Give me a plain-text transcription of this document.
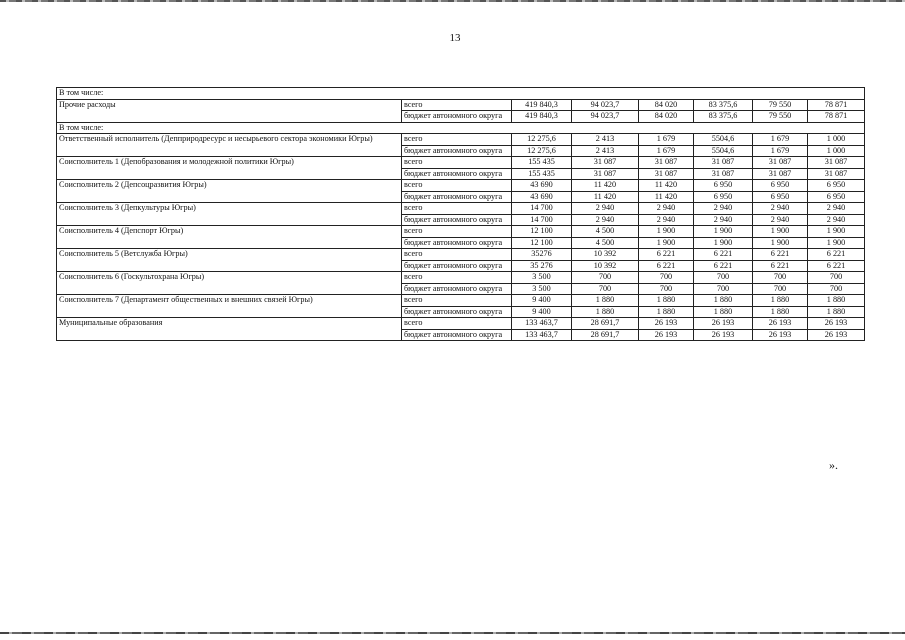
13
В том числе:							
Прочие расходы	всего	419 840,3	94 023,7	84 020	83 375,6	79 550	78 871
	бюджет автономного округа	419 840,3	94 023,7	84 020	83 375,6	79 550	78 871
В том числе:							
Ответственный исполнитель (Депприродресурс и несырьевого сектора экономики Югры)	всего	12 275,6	2 413	1 679	5504,6	1 679	1 000
	бюджет автономного округа	12 275,6	2 413	1 679	5504,6	1 679	1 000
Соисполнитель 1 (Депобразования и молодежной политики Югры)	всего	155 435	31 087	31 087	31 087	31 087	31 087
	бюджет автономного округа	155 435	31 087	31 087	31 087	31 087	31 087
Соисполнитель 2 (Депсоцразвития Югры)	всего	43 690	11 420	11 420	6 950	6 950	6 950
	бюджет автономного округа	43 690	11 420	11 420	6 950	6 950	6 950
Соисполнитель 3 (Депкультуры Югры)	всего	14 700	2 940	2 940	2 940	2 940	2 940
	бюджет автономного округа	14 700	2 940	2 940	2 940	2 940	2 940
Соисполнитель 4 (Депспорт Югры)	всего	12 100	4 500	1 900	1 900	1 900	1 900
	бюджет автономного округа	12 100	4 500	1 900	1 900	1 900	1 900
Соисполнитель 5 (Ветслужба Югры)	всего	35276	10 392	6 221	6 221	6 221	6 221
	бюджет автономного округа	35 276	10 392	6 221	6 221	6 221	6 221
Соисполнитель 6 (Госкультохрана Югры)	всего	3 500	700	700	700	700	700
	бюджет автономного округа	3 500	700	700	700	700	700
Соисполнитель 7 (Департамент общественных и внешних связей Югры)	всего	9 400	1 880	1 880	1 880	1 880	1 880
	бюджет автономного округа	9 400	1 880	1 880	1 880	1 880	1 880
Муниципальные образования	всего	133 463,7	28 691,7	26 193	26 193	26 193	26 193
	бюджет автономного округа	133 463,7	28 691,7	26 193	26 193	26 193	26 193
».
